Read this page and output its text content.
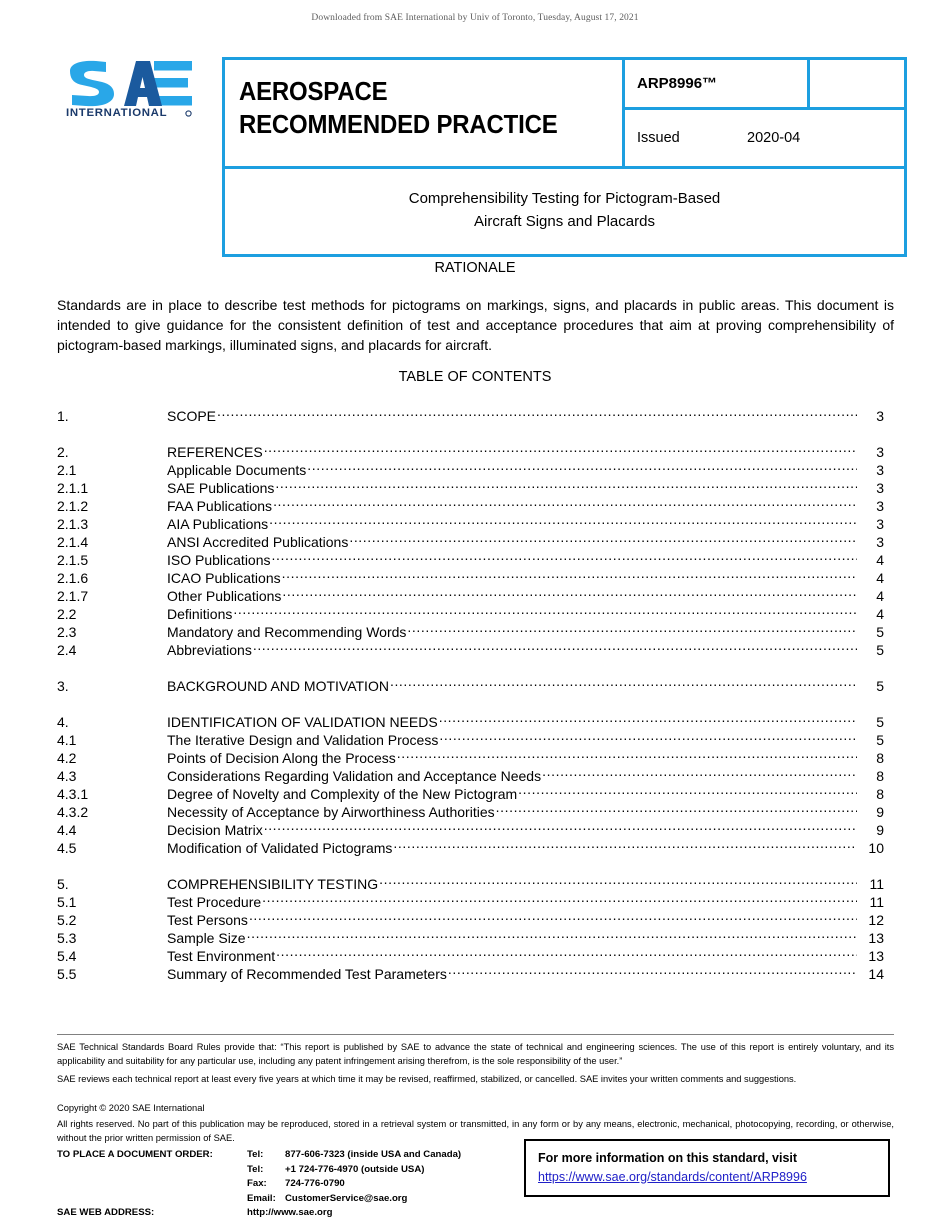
Downloaded from SAE International by Univ of Toronto, Tuesday, August 17, 2021
INTERNATIONAL
AEROSPACE
RECOMMENDED PRACTICE
ARP8996™
Issued	2020-04
Comprehensibility Testing for Pictogram-Based
Aircraft Signs and Placards
RATIONALE
Standards are in place to describe test methods for pictograms on markings, signs, and placards in public areas. This document is intended to give guidance for the consistent definition of test and acceptance procedures that aim at proving comprehensibility of pictogram-based markings, illuminated signs, and placards for aircraft.
TABLE OF CONTENTS
1.	SCOPE .....	3
2.	REFERENCES .....	3
2.1	Applicable Documents .....	3
2.1.1	SAE Publications .....	3
2.1.2	FAA Publications .....	3
2.1.3	AIA Publications .....	3
2.1.4	ANSI Accredited Publications .....	3
2.1.5	ISO Publications .....	4
2.1.6	ICAO Publications .....	4
2.1.7	Other Publications .....	4
2.2	Definitions .....	4
2.3	Mandatory and Recommending Words .....	5
2.4	Abbreviations .....	5
3.	BACKGROUND AND MOTIVATION .....	5
4.	IDENTIFICATION OF VALIDATION NEEDS .....	5
4.1	The Iterative Design and Validation Process .....	5
4.2	Points of Decision Along the Process .....	8
4.3	Considerations Regarding Validation and Acceptance Needs .....	8
4.3.1	Degree of Novelty and Complexity of the New Pictogram .....	8
4.3.2	Necessity of Acceptance by Airworthiness Authorities .....	9
4.4	Decision Matrix .....	9
4.5	Modification of Validated Pictograms .....	10
5.	COMPREHENSIBILITY TESTING .....	11
5.1	Test Procedure .....	11
5.2	Test Persons .....	12
5.3	Sample Size .....	13
5.4	Test Environment .....	13
5.5	Summary of Recommended Test Parameters .....	14
SAE Technical Standards Board Rules provide that: “This report is published by SAE to advance the state of technical and engineering sciences. The use of this report is entirely voluntary, and its applicability and suitability for any particular use, including any patent infringement arising therefrom, is the sole responsibility of the user.”
SAE reviews each technical report at least every five years at which time it may be revised, reaffirmed, stabilized, or cancelled. SAE invites your written comments and suggestions.
Copyright © 2020 SAE International
All rights reserved. No part of this publication may be reproduced, stored in a retrieval system or transmitted, in any form or by any means, electronic, mechanical, photocopying, recording, or otherwise, without the prior written permission of SAE.
TO PLACE A DOCUMENT ORDER:	Tel:	877-606-7323 (inside USA and Canada)
Tel:	+1 724-776-4970 (outside USA)
Fax:	724-776-0790
Email: CustomerService@sae.org
SAE WEB ADDRESS:	http://www.sae.org
For more information on this standard, visit
https://www.sae.org/standards/content/ARP8996
